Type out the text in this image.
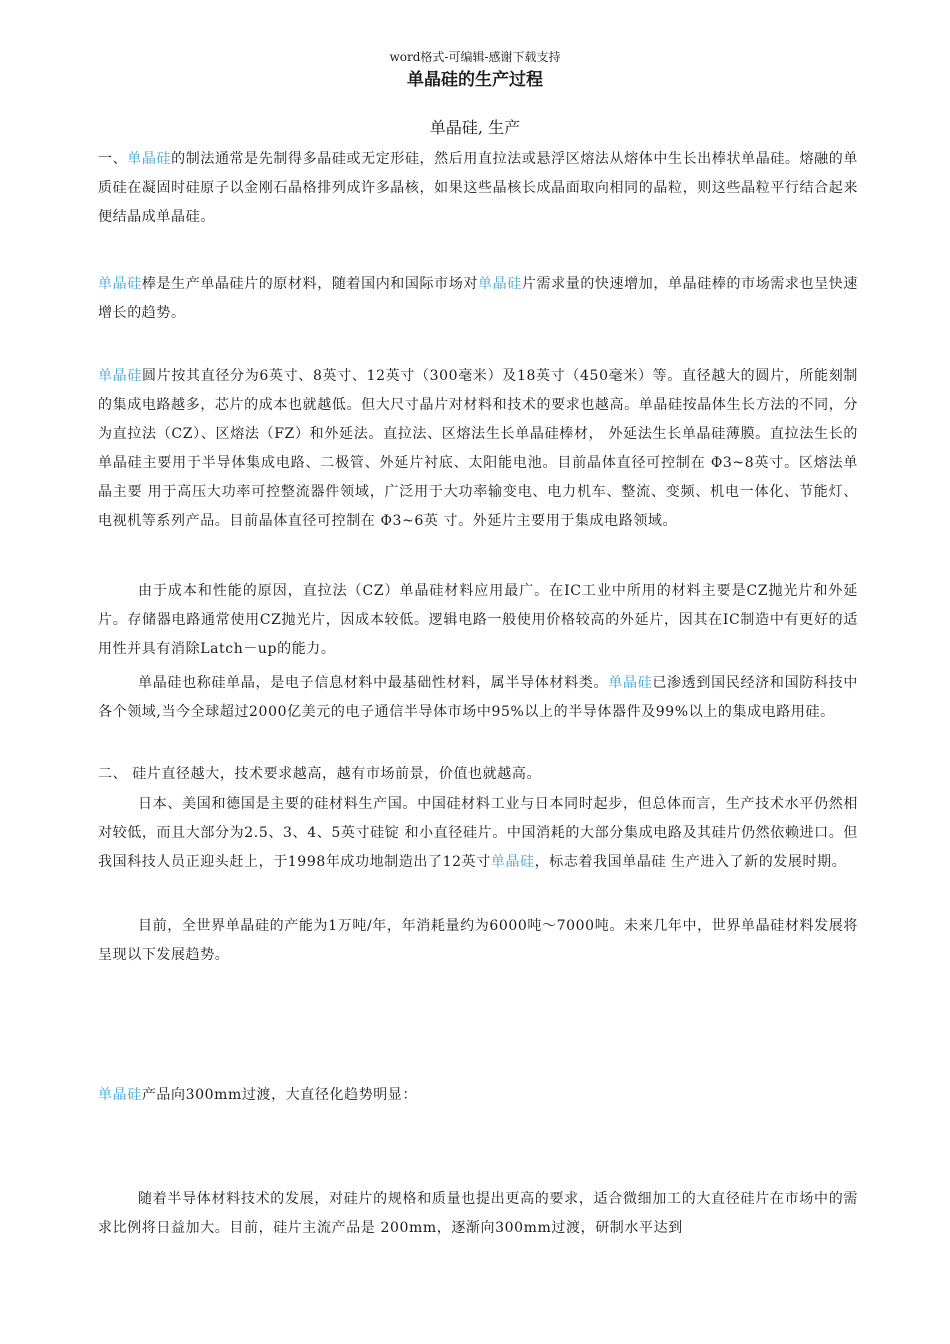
word格式-可编辑-感谢下载支持
单晶硅的生产过程
单晶硅, 生产

一、单晶硅的制法通常是先制得多晶硅或无定形硅，然后用直拉法或悬浮区熔法从熔体中生长出棒状单晶硅。熔融的单质硅在凝固时硅原子以金刚石晶格排列成许多晶核，如果这些晶核长成晶面取向相同的晶粒，则这些晶粒平行结合起来便结晶成单晶硅。

单晶硅棒是生产单晶硅片的原材料，随着国内和国际市场对单晶硅片需求量的快速增加，单晶硅棒的市场需求也呈快速增长的趋势。

单晶硅圆片按其直径分为6英寸、8英寸、12英寸（300毫米）及18英寸（450毫米）等。直径越大的圆片，所能刻制的集成电路越多，芯片的成本也就越低。但大尺寸晶片对材料和技术的要求也越高。单晶硅按晶体生长方法的不同，分为直拉法（CZ）、区熔法（FZ）和外延法。直拉法、区熔法生长单晶硅棒材， 外延法生长单晶硅薄膜。直拉法生长的单晶硅主要用于半导体集成电路、二极管、外延片衬底、太阳能电池。目前晶体直径可控制在 Φ3~8英寸。区熔法单晶主要 用于高压大功率可控整流器件领域，广泛用于大功率输变电、电力机车、整流、变频、机电一体化、节能灯、电视机等系列产品。目前晶体直径可控制在 Φ3~6英 寸。外延片主要用于集成电路领域。

由于成本和性能的原因，直拉法（CZ）单晶硅材料应用最广。在IC工业中所用的材料主要是CZ抛光片和外延片。存储器电路通常使用CZ抛光片，因成本较低。逻辑电路一般使用价格较高的外延片，因其在IC制造中有更好的适用性并具有消除Latch－up的能力。

单晶硅也称硅单晶，是电子信息材料中最基础性材料，属半导体材料类。单晶硅已渗透到国民经济和国防科技中各个领域,当今全球超过2000亿美元的电子通信半导体市场中95%以上的半导体器件及99%以上的集成电路用硅。

二、 硅片直径越大，技术要求越高，越有市场前景，价值也就越高。

日本、美国和德国是主要的硅材料生产国。中国硅材料工业与日本同时起步，但总体而言，生产技术水平仍然相对较低，而且大部分为2.5、3、4、5英寸硅锭 和小直径硅片。中国消耗的大部分集成电路及其硅片仍然依赖进口。但我国科技人员正迎头赶上，于1998年成功地制造出了12英寸单晶硅，标志着我国单晶硅 生产进入了新的发展时期。

目前，全世界单晶硅的产能为1万吨/年，年消耗量约为6000吨～7000吨。未来几年中，世界单晶硅材料发展将呈现以下发展趋势。

单晶硅产品向300mm过渡，大直径化趋势明显：

随着半导体材料技术的发展，对硅片的规格和质量也提出更高的要求，适合微细加工的大直径硅片在市场中的需求比例将日益加大。目前，硅片主流产品是 200mm，逐渐向300mm过渡，研制水平达到
